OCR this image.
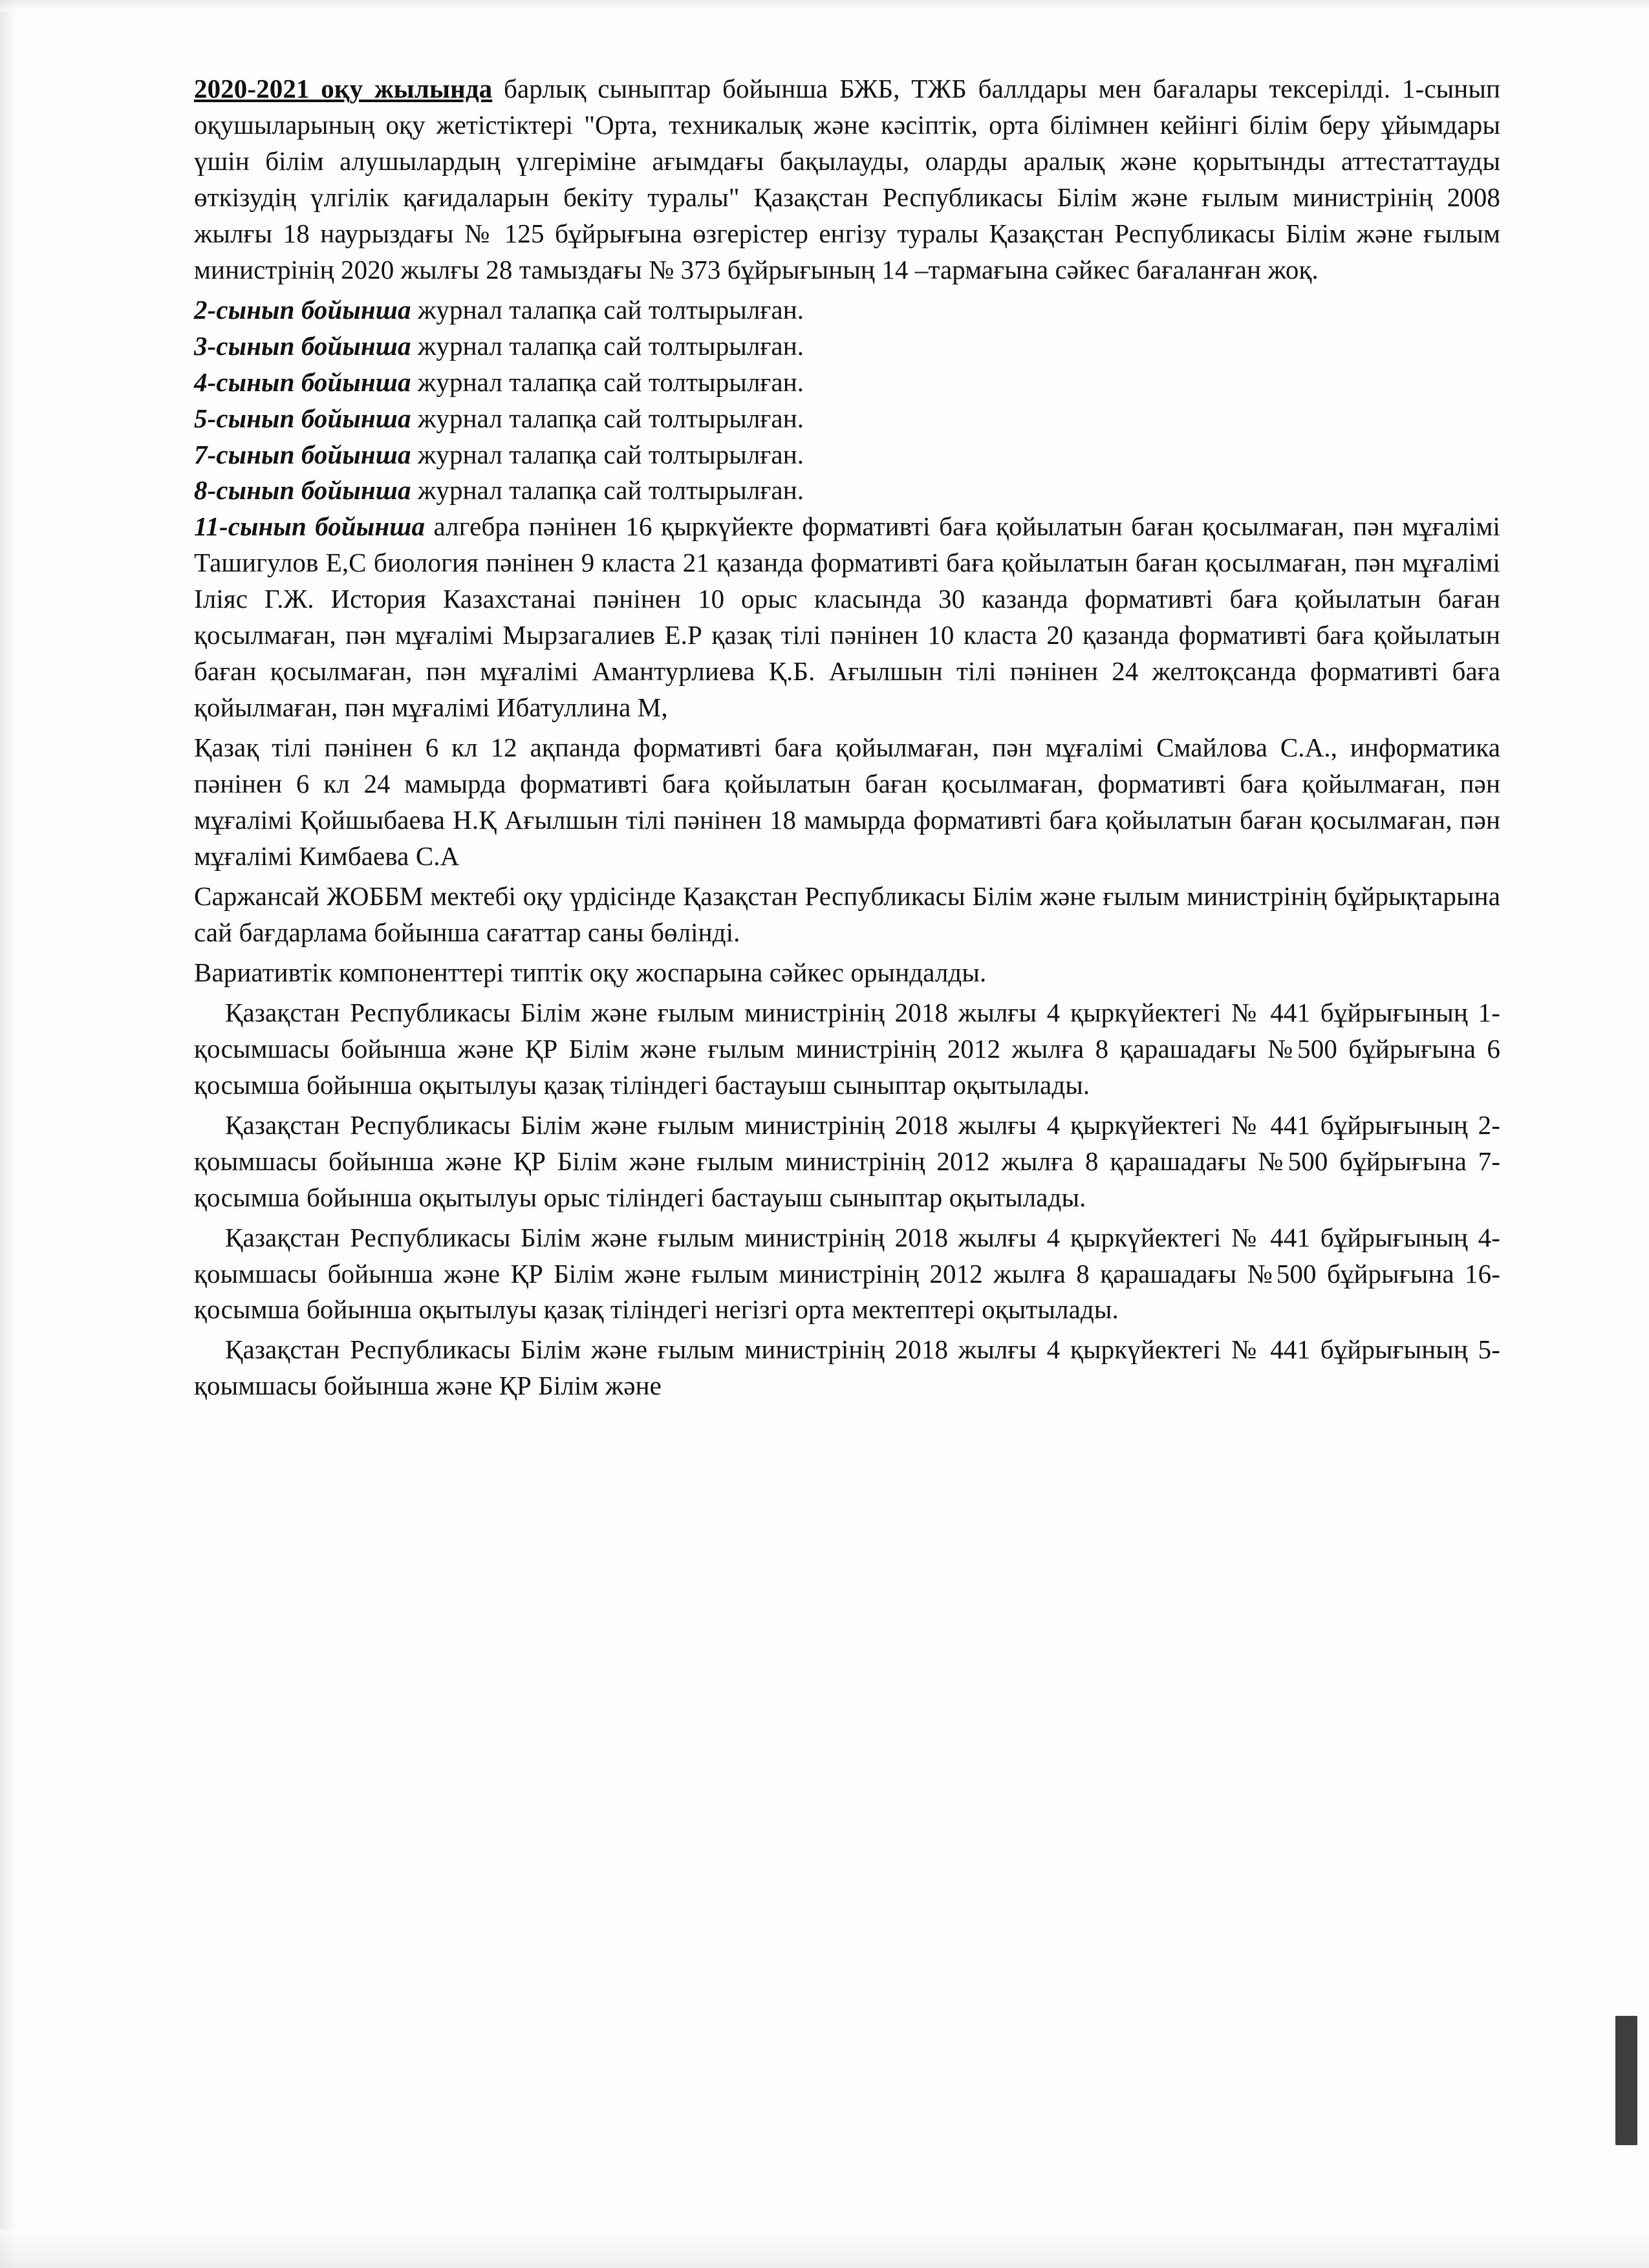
2020-2021 оқу жылында барлық сыныптар бойынша БЖБ, ТЖБ баллдары мен бағалары тексерілді. 1-сынып оқушыларының оқу жетістіктері "Орта, техникалық және кәсіптік, орта білімнен кейінгі білім беру ұйымдары үшін білім алушылардың үлгеріміне ағымдағы бақылауды, оларды аралық және қорытынды аттестаттауды өткізудің үлгілік қағидаларын бекіту туралы" Қазақстан Республикасы Білім және ғылым министрінің 2008 жылғы 18 наурыздағы № 125 бұйрығына өзгерістер енгізу туралы Қазақстан Республикасы Білім және ғылым министрінің 2020 жылғы 28 тамыздағы № 373 бұйрығының 14 –тармағына сәйкес бағаланған жоқ.

2-сынып бойынша журнал талапқа сай толтырылған.

3-сынып бойынша журнал талапқа сай толтырылған.

4-сынып бойынша журнал талапқа сай толтырылған.

5-сынып бойынша журнал талапқа сай толтырылған.

7-сынып бойынша журнал талапқа сай толтырылған.

8-сынып бойынша журнал талапқа сай толтырылған.

11-сынып бойынша алгебра пәнінен 16 қыркүйекте формативті баға қойылатын баған қосылмаған, пән мұғалімі Ташигулов Е,С биология пәнінен 9 класта 21 қазанда формативті баға қойылатын баған қосылмаған, пән мұғалімі Іліяс Г.Ж. История Казахстанаі пәнінен 10 орыс класында 30 казанда формативті баға қойылатын баған қосылмаған, пән мұғалімі Мырзагалиев Е.Р қазақ тілі пәнінен 10 класта 20 қазанда формативті баға қойылатын баған қосылмаған, пән мұғалімі Амантурлиева Қ.Б. Ағылшын тілі пәнінен 24 желтоқсанда формативті баға қойылмаған, пән мұғалімі Ибатуллина М,

Қазақ тілі пәнінен 6 кл 12 ақпанда формативті баға қойылмаған, пән мұғалімі Смайлова С.А., информатика пәнінен 6 кл 24 мамырда формативті баға қойылатын баған қосылмаған, формативті баға қойылмаған, пән мұғалімі Қойшыбаева Н.Қ Ағылшын тілі пәнінен 18 мамырда формативті баға қойылатын баған қосылмаған, пән мұғалімі Кимбаева С.А

Саржансай ЖОББМ мектебі оқу үрдісінде Қазақстан Республикасы Білім және ғылым министрінің бұйрықтарына сай бағдарлама бойынша сағаттар саны бөлінді.

Вариативтік компоненттері типтік оқу жоспарына сәйкес орындалды.

Қазақстан Республикасы Білім және ғылым министрінің 2018 жылғы 4 қыркүйектегі № 441 бұйрығының 1-қосымшасы бойынша және ҚР Білім және ғылым министрінің 2012 жылға 8 қарашадағы №500 бұйрығына 6 қосымша бойынша оқытылуы қазақ тіліндегі бастауыш сыныптар оқытылады.

Қазақстан Республикасы Білім және ғылым министрінің 2018 жылғы 4 қыркүйектегі № 441 бұйрығының 2-қоымшасы бойынша және ҚР Білім және ғылым министрінің 2012 жылға 8 қарашадағы №500 бұйрығына 7-қосымша бойынша оқытылуы орыс тіліндегі бастауыш сыныптар оқытылады.

Қазақстан Республикасы Білім және ғылым министрінің 2018 жылғы 4 қыркүйектегі № 441 бұйрығының 4- қоымшасы бойынша және ҚР Білім және ғылым министрінің 2012 жылға 8 қарашадағы №500 бұйрығына 16-қосымша бойынша оқытылуы қазақ тіліндегі негізгі орта мектептері оқытылады.

Қазақстан Республикасы Білім және ғылым министрінің 2018 жылғы 4 қыркүйектегі № 441 бұйрығының 5- қоымшасы бойынша және ҚР Білім және
